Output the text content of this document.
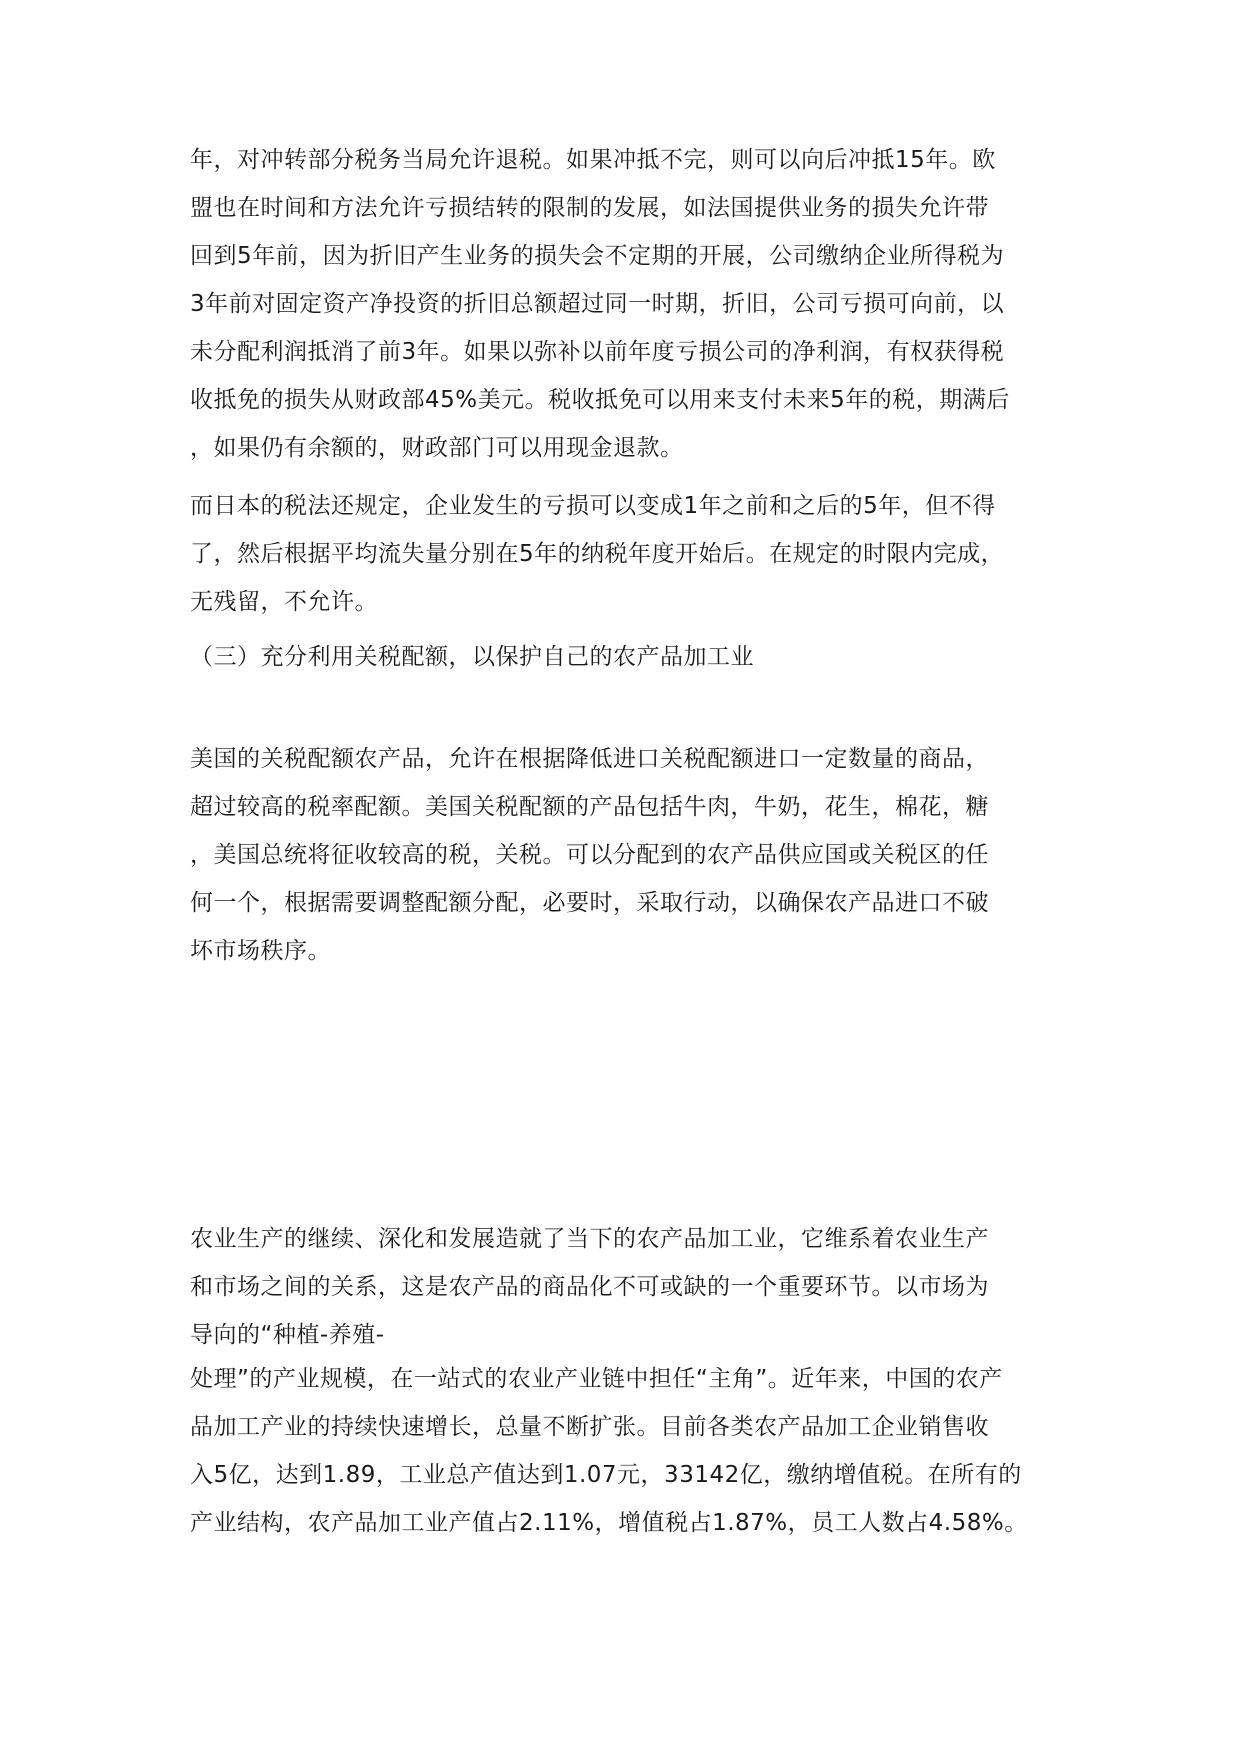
年，对冲转部分税务当局允许退税。如果冲抵不完，则可以向后冲抵15年。欧

盟也在时间和方法允许亏损结转的限制的发展，如法国提供业务的损失允许带

回到5年前，因为折旧产生业务的损失会不定期的开展，公司缴纳企业所得税为

3年前对固定资产净投资的折旧总额超过同一时期，折旧，公司亏损可向前，以

未分配利润抵消了前3年。如果以弥补以前年度亏损公司的净利润，有权获得税

收抵免的损失从财政部45%美元。税收抵免可以用来支付未来5年的税，期满后

，如果仍有余额的，财政部门可以用现金退款。

而日本的税法还规定，企业发生的亏损可以变成1年之前和之后的5年，但不得

了，然后根据平均流失量分别在5年的纳税年度开始后。在规定的时限内完成，

无残留，不允许。

（三）充分利用关税配额，以保护自己的农产品加工业

美国的关税配额农产品，允许在根据降低进口关税配额进口一定数量的商品，

超过较高的税率配额。美国关税配额的产品包括牛肉，牛奶，花生，棉花，糖

，美国总统将征收较高的税，关税。可以分配到的农产品供应国或关税区的任

何一个，根据需要调整配额分配，必要时，采取行动，以确保农产品进口不破

坏市场秩序。

农业生产的继续、深化和发展造就了当下的农产品加工业，它维系着农业生产

和市场之间的关系，这是农产品的商品化不可或缺的一个重要环节。以市场为

导向的“种植-养殖-

处理”的产业规模，在一站式的农业产业链中担任“主角”。近年来，中国的农产

品加工产业的持续快速增长，总量不断扩张。目前各类农产品加工企业销售收

入5亿，达到1.89，工业总产值达到1.07元，33142亿，缴纳增值税。在所有的

产业结构，农产品加工业产值占2.11%，增值税占1.87%，员工人数占4.58%。
